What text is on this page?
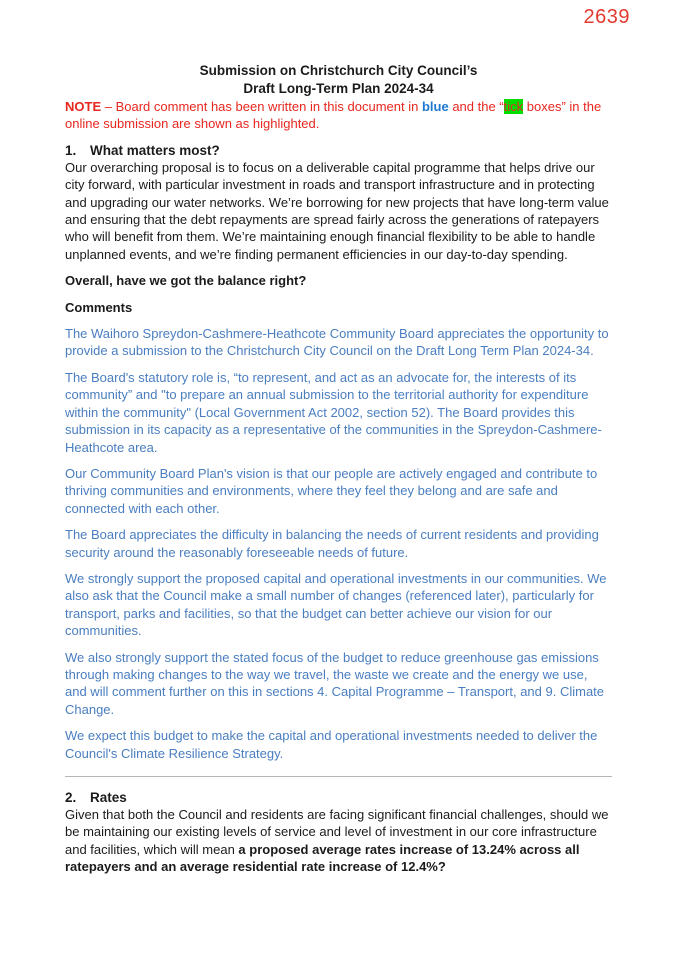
2639
Submission on Christchurch City Council’s
Draft Long-Term Plan 2024-34

NOTE – Board comment has been written in this document in blue and the “tick boxes” in the online submission are shown as highlighted.

1.	What matters most?

Our overarching proposal is to focus on a deliverable capital programme that helps drive our city forward, with particular investment in roads and transport infrastructure and in protecting and upgrading our water networks. We’re borrowing for new projects that have long-term value and ensuring that the debt repayments are spread fairly across the generations of ratepayers who will benefit from them. We’re maintaining enough financial flexibility to be able to handle unplanned events, and we’re finding permanent efficiencies in our day-to-day spending.

Overall, have we got the balance right?

Comments

The Waihoro Spreydon-Cashmere-Heathcote Community Board appreciates the opportunity to provide a submission to the Christchurch City Council on the Draft Long Term Plan 2024-34.

The Board's statutory role is, “to represent, and act as an advocate for, the interests of its community” and "to prepare an annual submission to the territorial authority for expenditure within the community" (Local Government Act 2002, section 52). The Board provides this submission in its capacity as a representative of the communities in the Spreydon-Cashmere-Heathcote area.

Our Community Board Plan's vision is that our people are actively engaged and contribute to thriving communities and environments, where they feel they belong and are safe and connected with each other.

The Board appreciates the difficulty in balancing the needs of current residents and providing security around the reasonably foreseeable needs of future.

We strongly support the proposed capital and operational investments in our communities. We also ask that the Council make a small number of changes (referenced later), particularly for transport, parks and facilities, so that the budget can better achieve our vision for our communities.

We also strongly support the stated focus of the budget to reduce greenhouse gas emissions through making changes to the way we travel, the waste we create and the energy we use, and will comment further on this in sections 4. Capital Programme – Transport, and 9. Climate Change.

We expect this budget to make the capital and operational investments needed to deliver the Council's Climate Resilience Strategy.

2.	Rates

Given that both the Council and residents are facing significant financial challenges, should we be maintaining our existing levels of service and level of investment in our core infrastructure and facilities, which will mean a proposed average rates increase of 13.24% across all ratepayers and an average residential rate increase of 12.4%?
